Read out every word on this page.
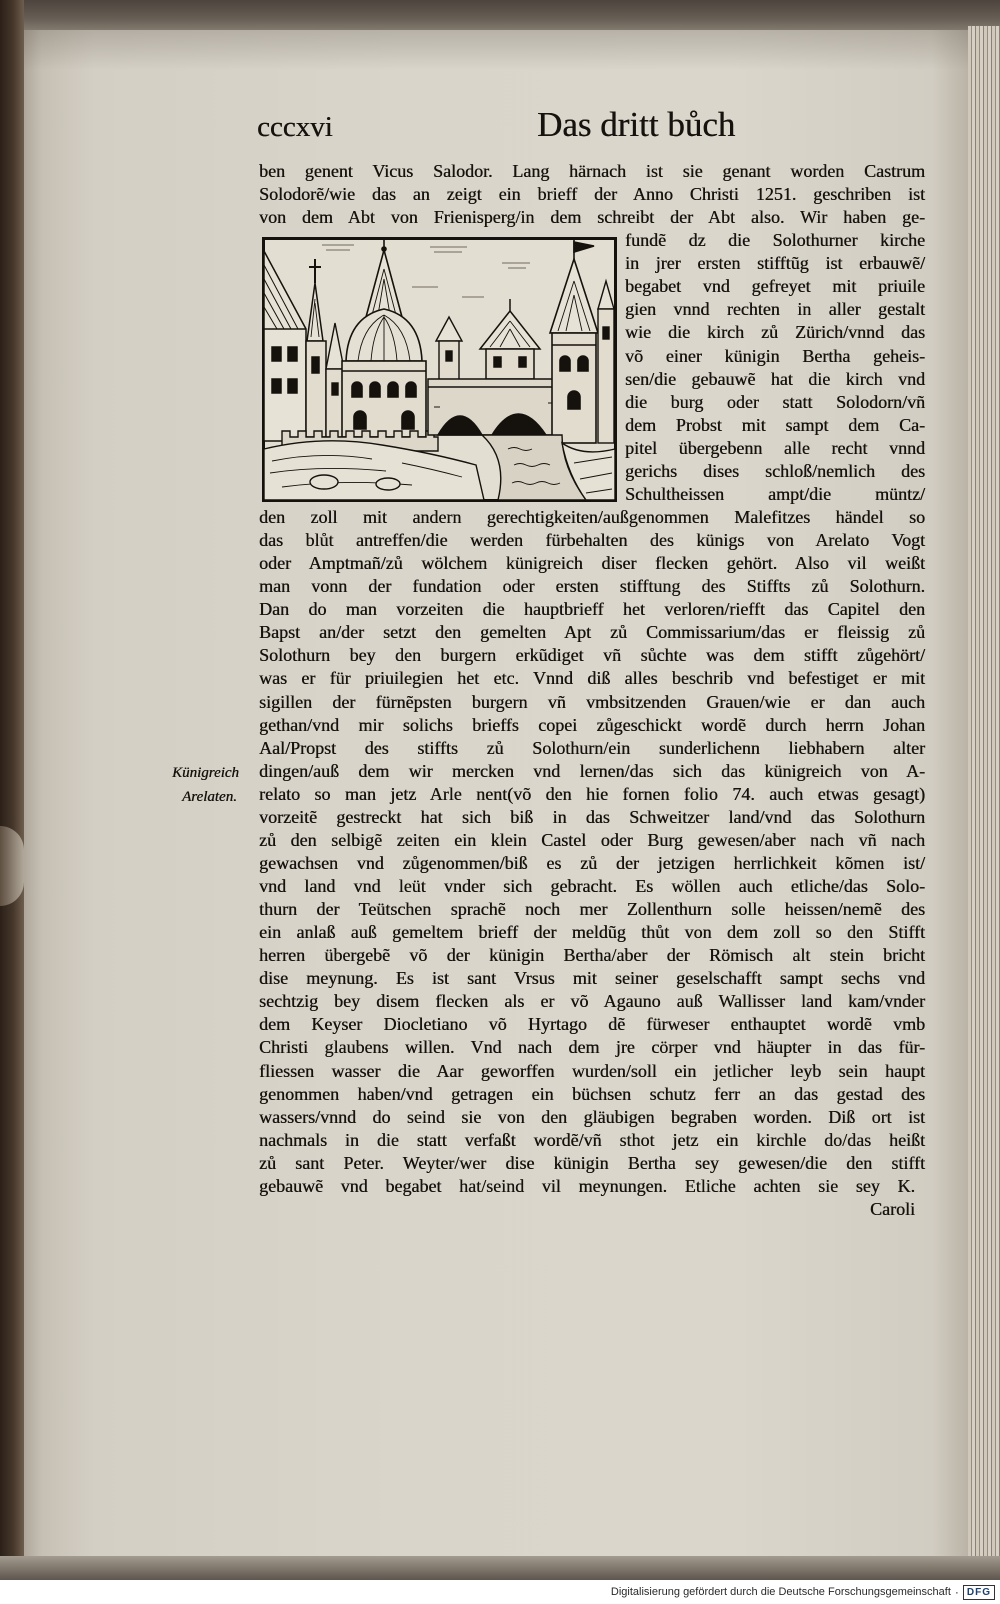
cccxvi	Das dritt bůch
Künigreich
Arelaten.
ben genent Vicus Salodor. Lang härnach ist sie genant worden Castrum
Solodorẽ/wie das an zeigt ein brieff der Anno Christi 1251. geschriben ist
von dem Abt von Frienisperg/in dem schreibt der Abt also. Wir haben ge-
fundẽ dz die Solothurner kirche
in jrer ersten stifftũg ist erbauwẽ/
begabet vnd gefreyet mit priuile
gien vnnd rechten in aller gestalt
wie die kirch zů Zürich/vnnd das
võ einer künigin Bertha geheis-
sen/die gebauwẽ hat die kirch vnd
die burg oder statt Solodorn/vñ
dem Probst mit sampt dem Ca-
pitel übergebenn alle recht vnnd
gerichs dises schloß/nemlich des
Schultheissen ampt/die müntz/
den zoll mit andern gerechtigkeiten/außgenommen Malefitzes händel so
das blůt antreffen/die werden fürbehalten des künigs von Arelato Vogt
oder Amptmañ/zů wölchem künigreich diser flecken gehört. Also vil weißt
man vonn der fundation oder ersten stifftung des Stiffts zů Solothurn.
Dan do man vorzeiten die hauptbrieff het verloren/riefft das Capitel den
Bapst an/der setzt den gemelten Apt zů Commissarium/das er fleissig zů
Solothurn bey den burgern erkũdiget vñ sůchte was dem stifft zůgehört/
was er für priuilegien het etc. Vnnd diß alles beschrib vnd befestiget er mit
sigillen der fürnẽpsten burgern vñ vmbsitzenden Grauen/wie er dan auch
gethan/vnd mir solichs brieffs copei zůgeschickt wordẽ durch herrn Johan
Aal/Propst des stiffts zů Solothurn/ein sunderlichenn liebhabern alter
dingen/auß dem wir mercken vnd lernen/das sich das künigreich von A-
relato so man jetz Arle nent(võ den hie fornen folio 74. auch etwas gesagt)
vorzeitẽ gestreckt hat sich biß in das Schweitzer land/vnd das Solothurn
zů den selbigẽ zeiten ein klein Castel oder Burg gewesen/aber nach vñ nach
gewachsen vnd zůgenommen/biß es zů der jetzigen herrlichkeit kõmen ist/
vnd land vnd leüt vnder sich gebracht. Es wöllen auch etliche/das Solo-
thurn der Teütschen sprachẽ noch mer Zollenthurn solle heissen/nemẽ des
ein anlaß auß gemeltem brieff der meldũg thůt von dem zoll so den Stifft
herren übergebẽ võ der künigin Bertha/aber der Römisch alt stein bricht
dise meynung. Es ist sant Vrsus mit seiner geselschafft sampt sechs vnd
sechtzig bey disem flecken als er võ Agauno auß Wallisser land kam/vnder
dem Keyser Diocletiano võ Hyrtago dẽ fürweser enthauptet wordẽ vmb
Christi glaubens willen. Vnd nach dem jre cörper vnd häupter in das für-
fliessen wasser die Aar geworffen wurden/soll ein jetlicher leyb sein haupt
genommen haben/vnd getragen ein büchsen schutz ferr an das gestad des
wassers/vnnd do seind sie von den gläubigen begraben worden. Diß ort ist
nachmals in die statt verfaßt wordẽ/vñ sthot jetz ein kirchle do/das heißt
zů sant Peter. Weyter/wer dise künigin Bertha sey gewesen/die den stifft
gebauwẽ vnd begabet hat/seind vil meynungen. Etliche achten sie sey K.
Caroli
Digitalisierung gefördert durch die Deutsche Forschungsgemeinschaft · DFG
